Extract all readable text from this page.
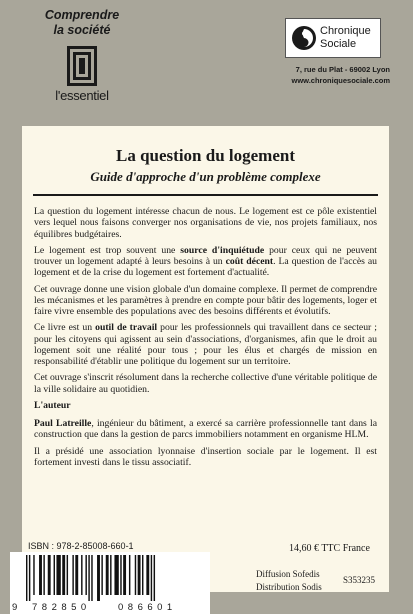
Comprendre
la société
l'essentiel
Chronique
Sociale
7, rue du Plat - 69002 Lyon
www.chroniquesociale.com
La question du logement
Guide d'approche d'un problème complexe

La question du logement intéresse chacun de nous. Le logement est ce pôle existentiel vers lequel nous faisons converger nos organisations de vie, nos projets familiaux, nos équilibres budgétaires.

Le logement est trop souvent une source d'inquiétude pour ceux qui ne peuvent trouver un logement adapté à leurs besoins à un coût décent. La question de l'accès au logement et de la crise du logement est fortement d'actualité.

Cet ouvrage donne une vision globale d'un domaine complexe. Il permet de comprendre les mécanismes et les paramètres à prendre en compte pour bâtir des logements, loger et faire vivre ensemble des populations avec des besoins différents et évolutifs.

Ce livre est un outil de travail pour les professionnels qui travaillent dans ce secteur ; pour les citoyens qui agissent au sein d'associations, d'organismes, afin que le droit au logement soit une réalité pour tous ; pour les élus et chargés de mission en responsabilité d'établir une politique du logement sur un territoire.

Cet ouvrage s'inscrit résolument dans la recherche collective d'une véritable politique de la ville solidaire au quotidien.

L'auteur

Paul Latreille, ingénieur du bâtiment, a exercé sa carrière professionnelle tant dans la construction que dans la gestion de parcs immobiliers notamment en organisme HLM.

Il a présidé une association lyonnaise d'insertion sociale par le logement. Il est fortement investi dans le tissu associatif.

ISBN : 978-2-85008-660-1
9 782850	086601
14,60 € TTC France
Diffusion Sofedis
Distribution Sodis
S353235
